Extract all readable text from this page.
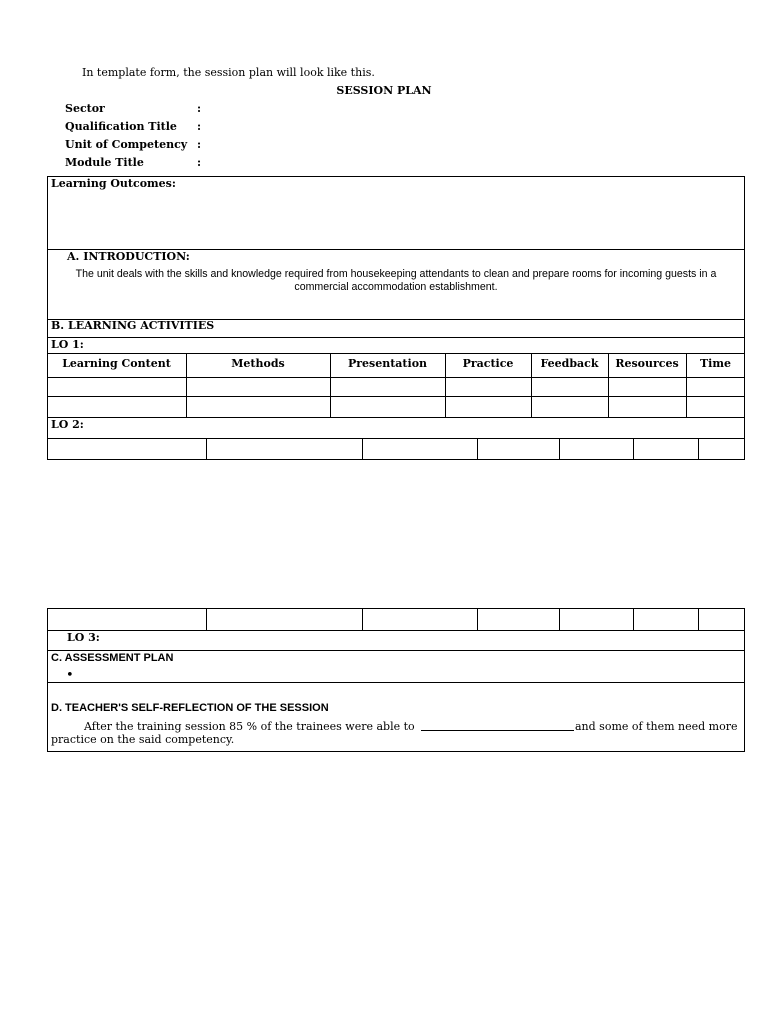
In template form, the session plan will look like this.
SESSION PLAN
Sector	:
Qualification Title :
Unit of Competency :
Module Title	:
Learning Outcomes:
A. INTRODUCTION:
The unit deals with the skills and knowledge required from housekeeping attendants to clean and prepare rooms for incoming guests in a
commercial accommodation establishment.
B. LEARNING ACTIVITIES
LO 1:
Learning Content	Methods	Presentation	Practice	Feedback	Resources	Time
LO 2:
LO 3:
C. ASSESSMENT PLAN
•
D. TEACHER'S SELF-REFLECTION OF THE SESSION
After the training session 85 % of the trainees were able to	and some of them need more
practice on the said competency.
